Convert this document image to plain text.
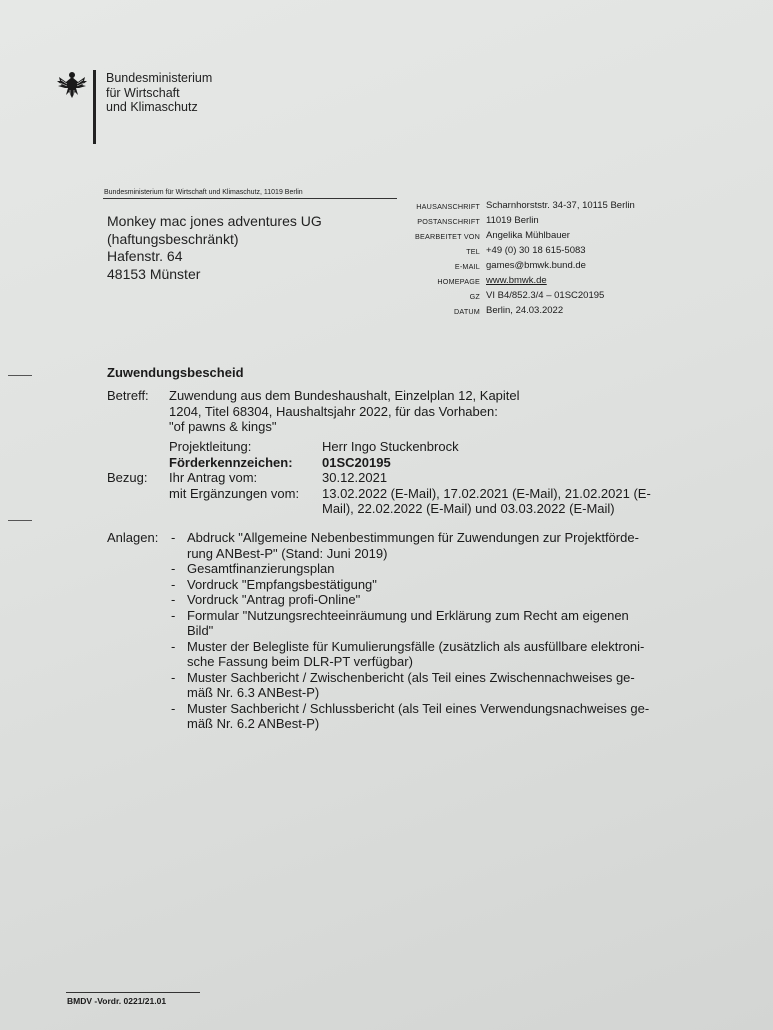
Bundesministerium
für Wirtschaft
und Klimaschutz
Bundesministerium für Wirtschaft und Klimaschutz, 11019 Berlin
Monkey mac jones adventures UG
(haftungsbeschränkt)
Hafenstr. 64
48153 Münster
HAUSANSCHRIFT Scharnhorststr. 34-37, 10115 Berlin
POSTANSCHRIFT 11019 Berlin
BEARBEITET VON Angelika Mühlbauer
TEL +49 (0) 30 18 615-5083
E-MAIL games@bmwk.bund.de
HOMEPAGE www.bmwk.de
GZ VI B4/852.3/4 – 01SC20195
DATUM Berlin, 24.03.2022
Zuwendungsbescheid
Betreff:	Zuwendung aus dem Bundeshaushalt, Einzelplan 12, Kapitel
1204, Titel 68304, Haushaltsjahr 2022, für das Vorhaben:
"of pawns & kings"
Projektleitung:	Herr Ingo Stuckenbrock
Förderkennzeichen:	01SC20195
Bezug:	Ihr Antrag vom:	30.12.2021
mit Ergänzungen vom:	13.02.2022 (E-Mail), 17.02.2021 (E-Mail), 21.02.2021 (E-
Mail), 22.02.2022 (E-Mail) und 03.03.2022 (E-Mail)
Anlagen: - Abdruck "Allgemeine Nebenbestimmungen für Zuwendungen zur Projektförde-
rung ANBest-P" (Stand: Juni 2019)
- Gesamtfinanzierungsplan
- Vordruck "Empfangsbestätigung"
- Vordruck "Antrag profi-Online"
- Formular "Nutzungsrechteeinräumung und Erklärung zum Recht am eigenen
Bild"
- Muster der Belegliste für Kumulierungsfälle (zusätzlich als ausfüllbare elektroni-
sche Fassung beim DLR-PT verfügbar)
- Muster Sachbericht / Zwischenbericht (als Teil eines Zwischennachweises ge-
mäß Nr. 6.3 ANBest-P)
- Muster Sachbericht / Schlussbericht (als Teil eines Verwendungsnachweises ge-
mäß Nr. 6.2 ANBest-P)
BMDV -Vordr. 0221/21.01
